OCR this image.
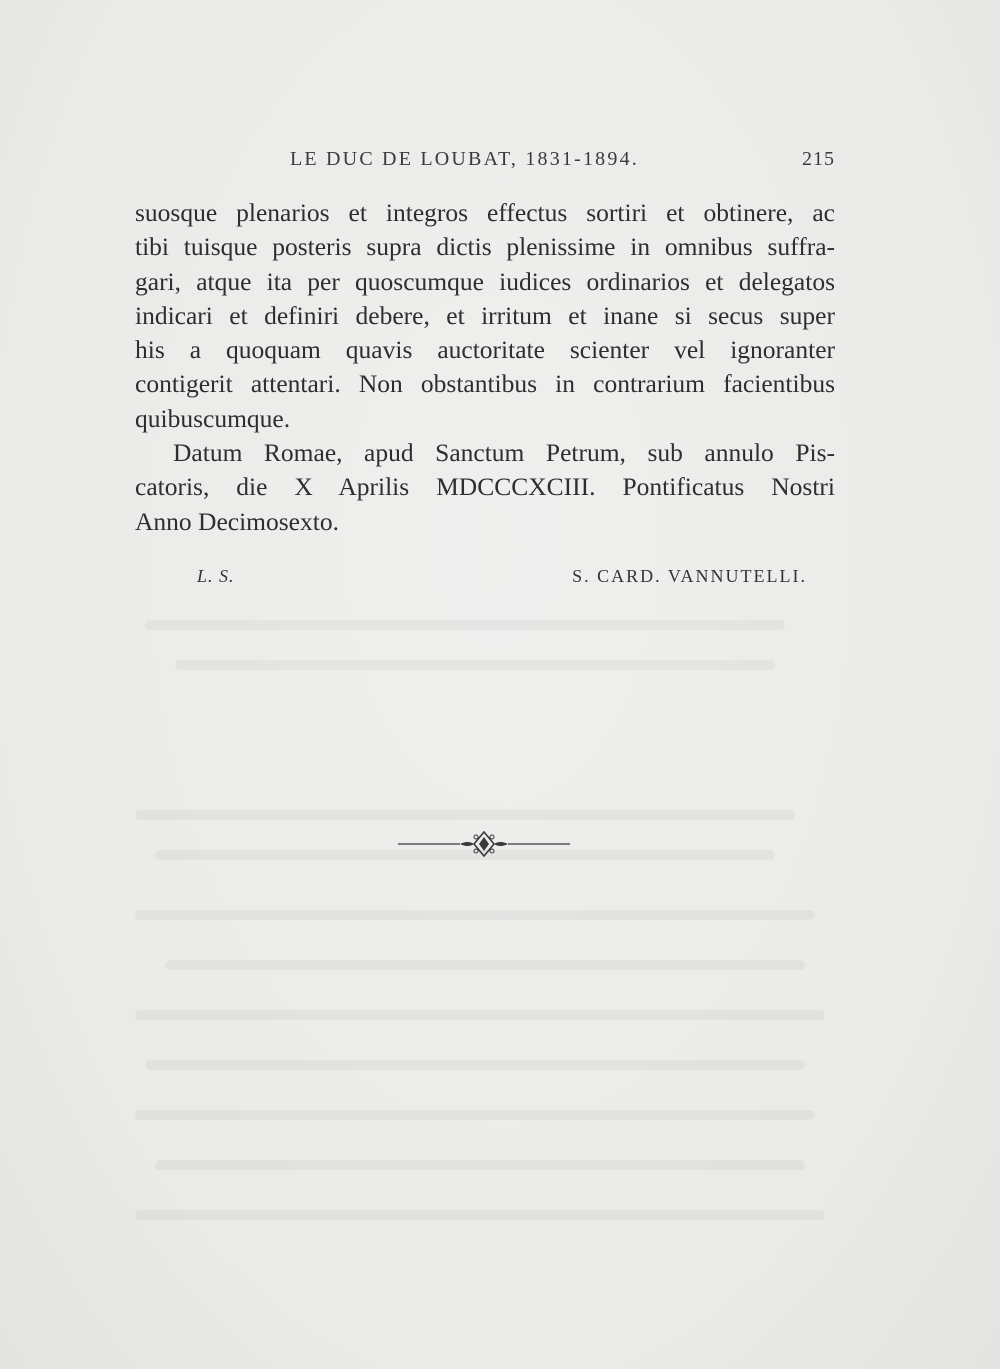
LE DUC DE LOUBAT, 1831-1894.	215
suosque plenarios et integros effectus sortiri et obtinere, ac
tibi tuisque posteris supra dictis plenissime in omnibus suffra-
gari, atque ita per quoscumque iudices ordinarios et delegatos
indicari et definiri debere, et irritum et inane si secus super
his a quoquam quavis auctoritate scienter vel ignoranter
contigerit attentari. Non obstantibus in contrarium facientibus
quibuscumque.
Datum Romae, apud Sanctum Petrum, sub annulo Pis-
catoris, die X Aprilis MDCCCXCIII. Pontificatus Nostri
Anno Decimosexto.
L. S.	S. CARD. VANNUTELLI.
